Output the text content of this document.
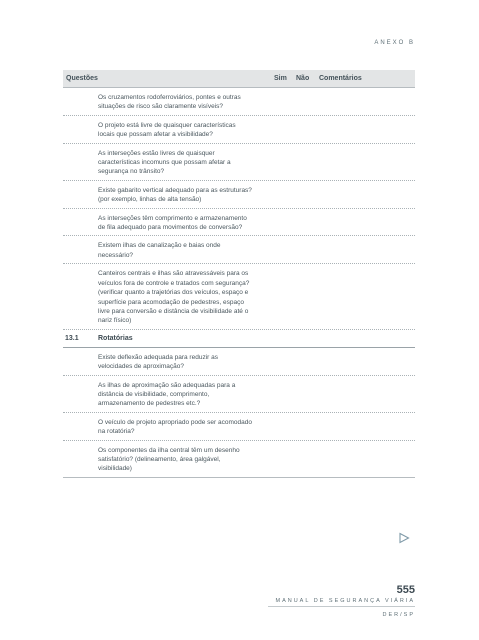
ANEXO B
Questões	Sim Não Comentários
Os cruzamentos rodoferroviários, pontes e outras situações de risco são claramente visíveis?
O projeto está livre de quaisquer características locais que possam afetar a visibilidade?
As interseções estão livres de quaisquer características incomuns que possam afetar a segurança no trânsito?
Existe gabarito vertical adequado para as estruturas? (por exemplo, linhas de alta tensão)
As interseções têm comprimento e armazenamento de fila adequado para movimentos de conversão?
Existem ilhas de canalização e baias onde necessário?
Canteiros centrais e ilhas são atravessáveis para os veículos fora de controle e tratados com segurança? (verificar quanto a trajetórias dos veículos, espaço e superfície para acomodação de pedestres, espaço livre para conversão e distância de visibilidade até o nariz físico)
13.1	Rotatórias
Existe deflexão adequada para reduzir as velocidades de aproximação?
As ilhas de aproximação são adequadas para a distância de visibilidade, comprimento, armazenamento de pedestres etc.?
O veículo de projeto apropriado pode ser acomodado na rotatória?
Os componentes da ilha central têm um desenho satisfatório? (delineamento, área galgável, visibilidade)
555
MANUAL DE SEGURANÇA VIÁRIA
DER/SP
